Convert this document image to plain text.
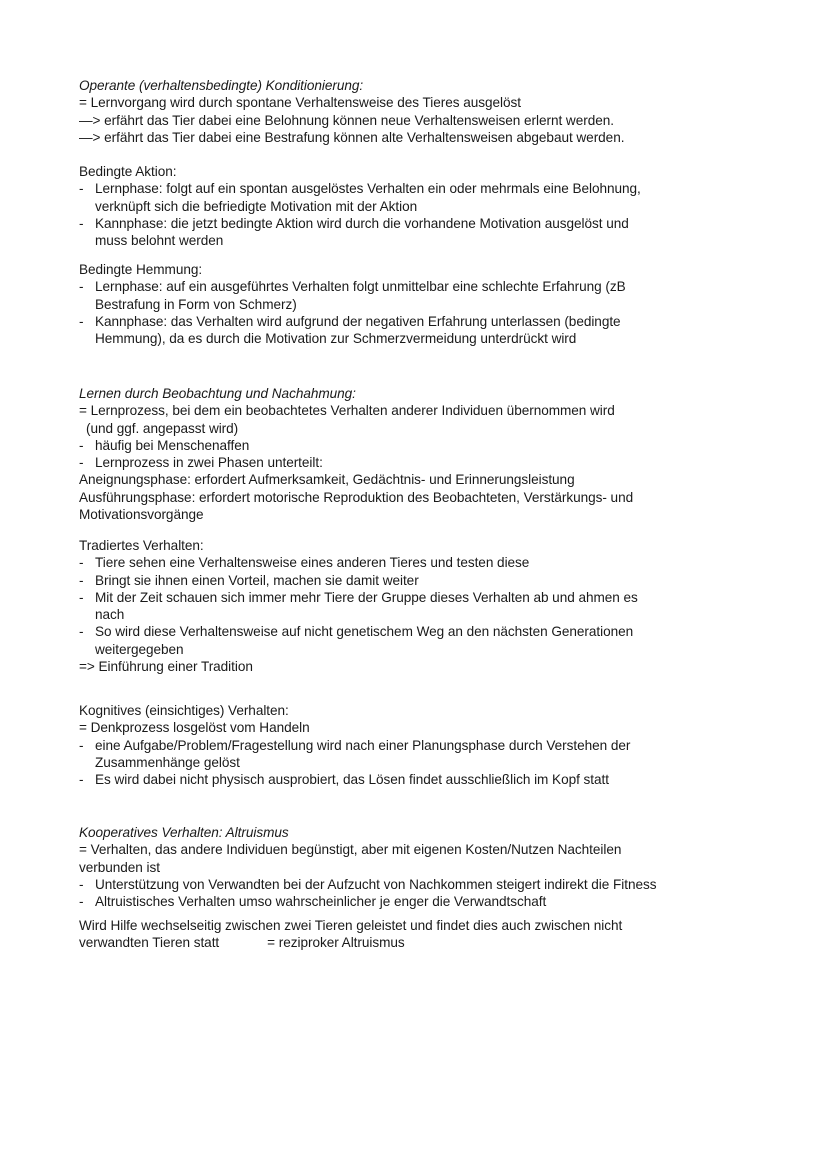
Operante (verhaltensbedingte) Konditionierung:
= Lernvorgang wird durch spontane Verhaltensweise des Tieres ausgelöst
—> erfährt das Tier dabei eine Belohnung können neue Verhaltensweisen erlernt werden.
—> erfährt das Tier dabei eine Bestrafung können alte Verhaltensweisen abgebaut werden.
Bedingte Aktion:
- Lernphase: folgt auf ein spontan ausgelöstes Verhalten ein oder mehrmals eine Belohnung,
verknüpft sich die befriedigte Motivation mit der Aktion
- Kannphase: die jetzt bedingte Aktion wird durch die vorhandene Motivation ausgelöst und
muss belohnt werden
Bedingte Hemmung:
- Lernphase: auf ein ausgeführtes Verhalten folgt unmittelbar eine schlechte Erfahrung (zB
Bestrafung in Form von Schmerz)
- Kannphase: das Verhalten wird aufgrund der negativen Erfahrung unterlassen (bedingte
Hemmung), da es durch die Motivation zur Schmerzvermeidung unterdrückt wird
Lernen durch Beobachtung und Nachahmung:
= Lernprozess, bei dem ein beobachtetes Verhalten anderer Individuen übernommen wird
(und ggf. angepasst wird)
- häufig bei Menschenaffen
- Lernprozess in zwei Phasen unterteilt:
Aneignungsphase: erfordert Aufmerksamkeit, Gedächtnis- und Erinnerungsleistung
Ausführungsphase: erfordert motorische Reproduktion des Beobachteten, Verstärkungs- und
Motivationsvorgänge
Tradiertes Verhalten:
- Tiere sehen eine Verhaltensweise eines anderen Tieres und testen diese
- Bringt sie ihnen einen Vorteil, machen sie damit weiter
- Mit der Zeit schauen sich immer mehr Tiere der Gruppe dieses Verhalten ab und ahmen es
nach
- So wird diese Verhaltensweise auf nicht genetischem Weg an den nächsten Generationen
weitergegeben
=> Einführung einer Tradition
Kognitives (einsichtiges) Verhalten:
= Denkprozess losgelöst vom Handeln
- eine Aufgabe/Problem/Fragestellung wird nach einer Planungsphase durch Verstehen der
Zusammenhänge gelöst
- Es wird dabei nicht physisch ausprobiert, das Lösen findet ausschließlich im Kopf statt
Kooperatives Verhalten: Altruismus
= Verhalten, das andere Individuen begünstigt, aber mit eigenen Kosten/Nutzen Nachteilen
verbunden ist
- Unterstützung von Verwandten bei der Aufzucht von Nachkommen steigert indirekt die Fitness
- Altruistisches Verhalten umso wahrscheinlicher je enger die Verwandtschaft
Wird Hilfe wechselseitig zwischen zwei Tieren geleistet und findet dies auch zwischen nicht
verwandten Tieren statt	= reziproker Altruismus
